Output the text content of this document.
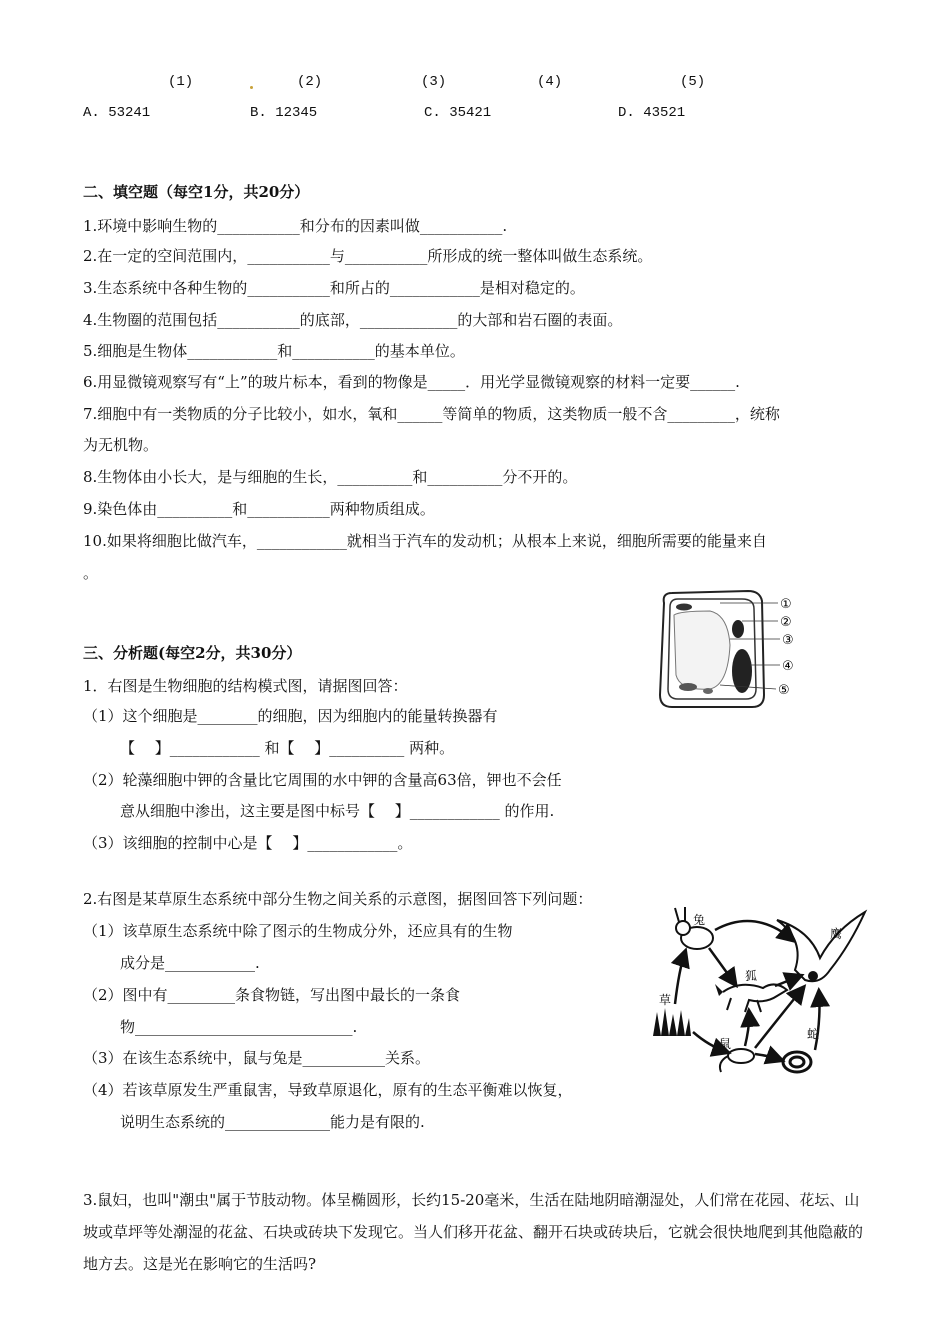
(1)	(2)	(3)	(4)	(5)
A. 53241	B. 12345	C. 35421	D. 43521
二、填空题（每空1分，共20分）
1.环境中影响生物的___________和分布的因素叫做___________.
2.在一定的空间范围内，___________与___________所形成的统一整体叫做生态系统。
3.生态系统中各种生物的___________和所占的____________是相对稳定的。
4.生物圈的范围包括___________的底部，_____________的大部和岩石圈的表面。
5.细胞是生物体____________和___________的基本单位。
6.用显微镜观察写有“上”的玻片标本，看到的物像是_____．用光学显微镜观察的材料一定要______.
7.细胞中有一类物质的分子比较小，如水，氧和______等简单的物质，这类物质一般不含_________，统称
为无机物。
8.生物体由小长大，是与细胞的生长，__________和__________分不开的。
9.染色体由__________和___________两种物质组成。
10.如果将细胞比做汽车，____________就相当于汽车的发动机；从根本上来说，细胞所需要的能量来自
。
①
②
③
④
⑤
三、分析题(每空2分，共30分）
1．右图是生物细胞的结构模式图，请据图回答：
（1）这个细胞是________的细胞，因为细胞内的能量转换器有
【　 】____________ 和【　 】__________ 两种。
（2）轮藻细胞中钾的含量比它周围的水中钾的含量高63倍，钾也不会任
意从细胞中渗出，这主要是图中标号【　 】____________ 的作用.
（3）该细胞的控制中心是【　 】____________。
2.右图是某草原生态系统中部分生物之间关系的示意图，据图回答下列问题：
（1）该草原生态系统中除了图示的生物成分外，还应具有的生物
成分是____________.
（2）图中有_________条食物链，写出图中最长的一条食
物_____________________________.
（3）在该生态系统中，鼠与兔是___________关系。
（4）若该草原发生严重鼠害，导致草原退化，原有的生态平衡难以恢复，
说明生态系统的______________能力是有限的.
兔
鹰
狐
草
鼠
蛇
3.鼠妇，也叫"潮虫"属于节肢动物。体呈椭圆形，长约15-20毫米，生活在陆地阴暗潮湿处，人们常在花园、花坛、山坡或草坪等处潮湿的花盆、石块或砖块下发现它。当人们移开花盆、翻开石块或砖块后，它就会很快地爬到其他隐蔽的地方去。这是光在影响它的生活吗?
